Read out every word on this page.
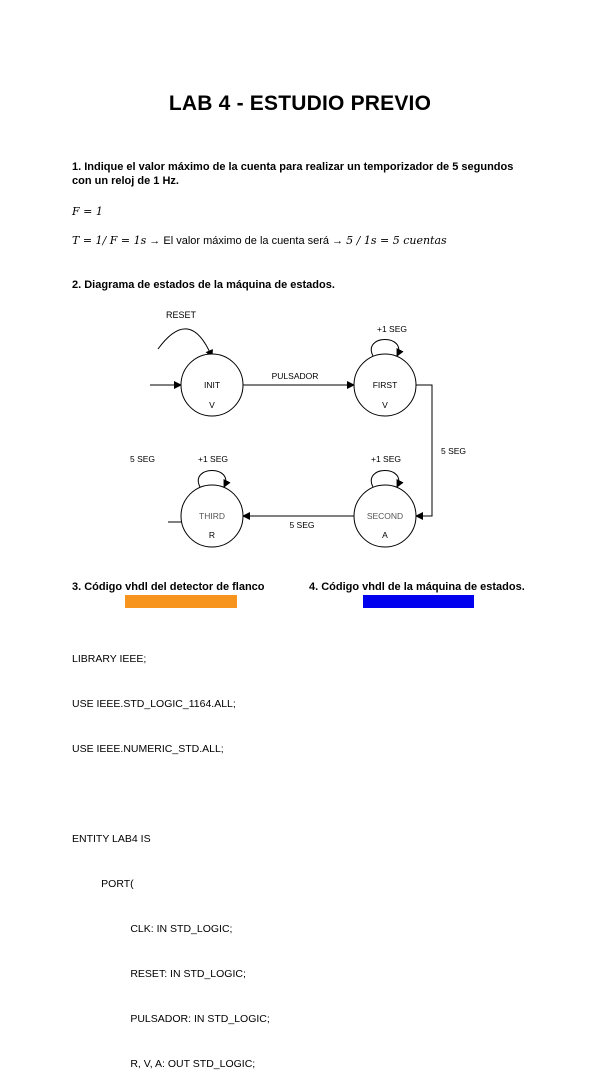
LAB 4 - ESTUDIO PREVIO
1. Indique el valor máximo de la cuenta para realizar un temporizador de 5 segundos
con un reloj de 1 Hz.
F = 1
T = 1/ F = 1s → El valor máximo de la cuenta será → 5 / 1s = 5 cuentas
2. Diagrama de estados de la máquina de estados.
RESET
INIT
V
PULSADOR
FIRST
V
+1 SEG
5 SEG
SECOND
A
+1 SEG
5 SEG
THIRD
R
+1 SEG
5 SEG
3. Código vhdl del detector de flanco	4. Código vhdl de la máquina de estados.

LIBRARY IEEE;

USE IEEE.STD_LOGIC_1164.ALL;

USE IEEE.NUMERIC_STD.ALL;

ENTITY LAB4 IS

PORT(

CLK: IN STD_LOGIC;

RESET: IN STD_LOGIC;

PULSADOR: IN STD_LOGIC;

R, V, A: OUT STD_LOGIC;
